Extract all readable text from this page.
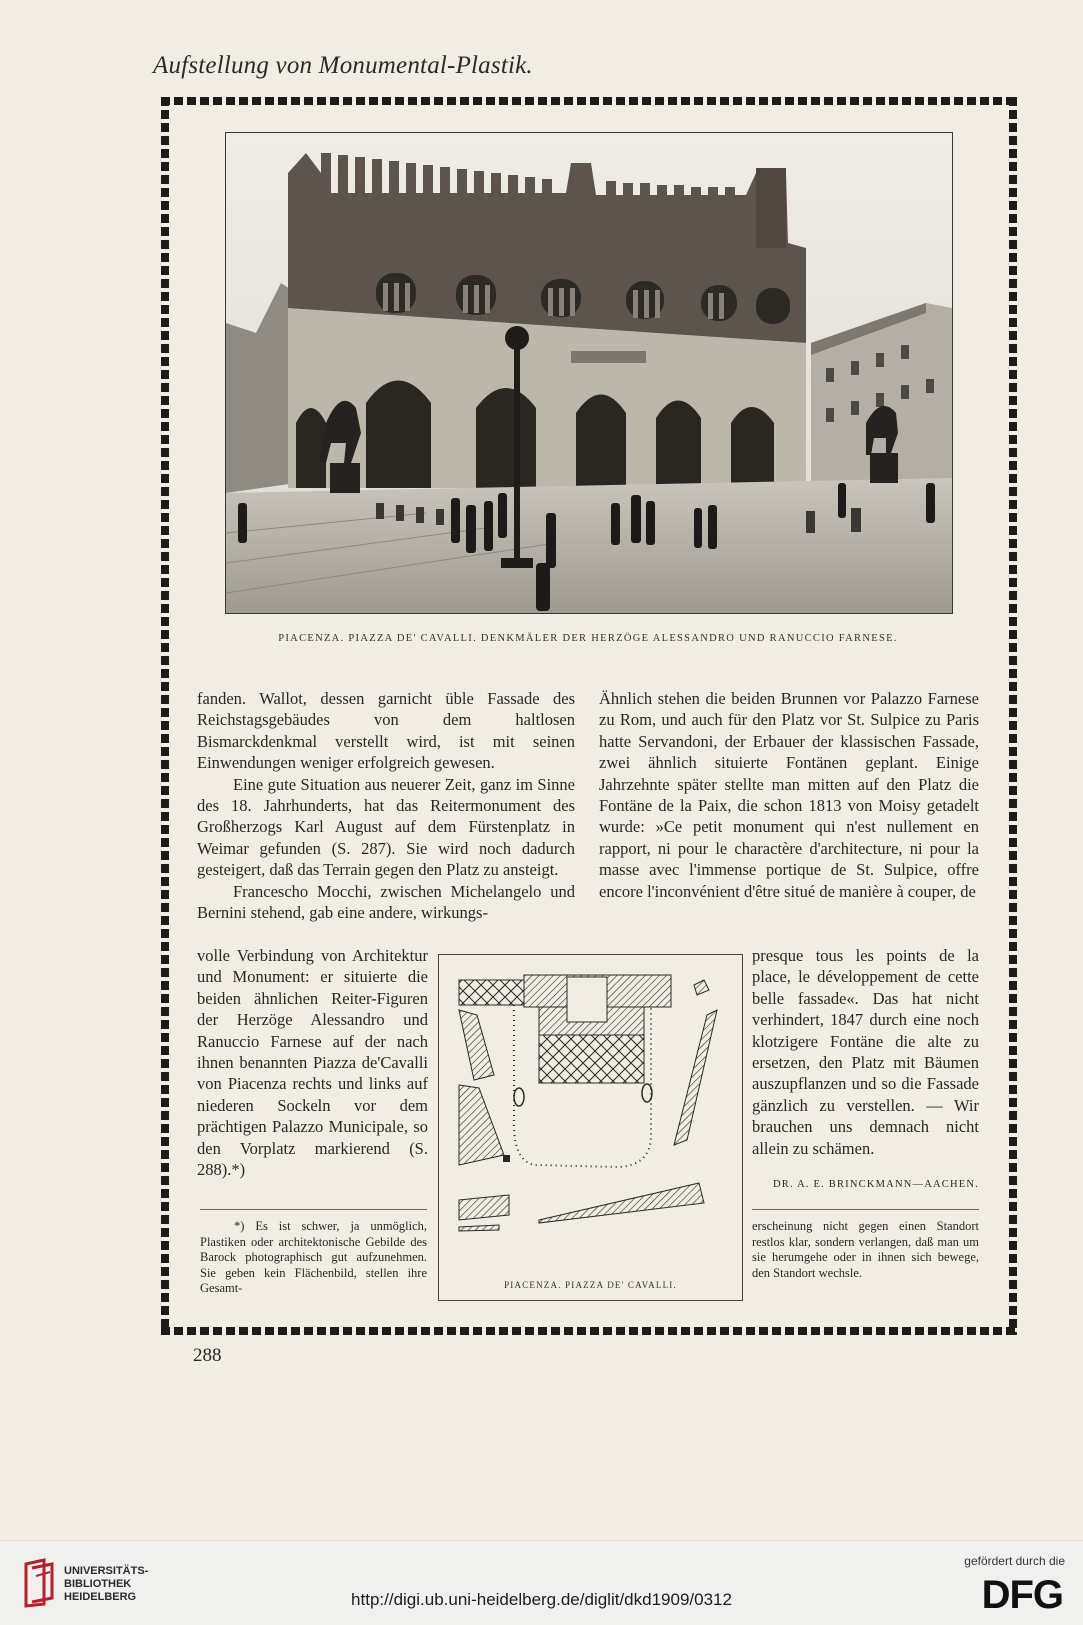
Aufstellung von Monumental-Plastik.
PIACENZA. PIAZZA DE' CAVALLI. DENKMÄLER DER HERZÖGE ALESSANDRO UND RANUCCIO FARNESE.

fanden. Wallot, dessen garnicht üble Fassade des Reichstagsgebäudes von dem haltlosen Bismarckdenkmal verstellt wird, ist mit seinen Einwendungen weniger erfolgreich gewesen.

Eine gute Situation aus neuerer Zeit, ganz im Sinne des 18. Jahrhunderts, hat das Reitermonument des Großherzogs Karl August auf dem Fürstenplatz in Weimar gefunden (S. 287). Sie wird noch dadurch gesteigert, daß das Terrain gegen den Platz zu ansteigt.

Francescho Mocchi, zwischen Michelangelo und Bernini stehend, gab eine andere, wirkungs-

volle Verbindung von Architektur und Monument: er situierte die beiden ähnlichen Reiter-Figuren der Herzöge Alessandro und Ranuccio Farnese auf der nach ihnen benannten Piazza de'Cavalli von Piacenza rechts und links auf niederen Sockeln vor dem prächtigen Palazzo Municipale, so den Vorplatz markierend (S. 288).*)

Ähnlich stehen die beiden Brunnen vor Palazzo Farnese zu Rom, und auch für den Platz vor St. Sulpice zu Paris hatte Servandoni, der Erbauer der klassischen Fassade, zwei ähnlich situierte Fontänen geplant. Einige Jahrzehnte später stellte man mitten auf den Platz die Fontäne de la Paix, die schon 1813 von Moisy getadelt wurde: »Ce petit monument qui n'est nullement en rapport, ni pour le charactère d'architecture, ni pour la masse avec l'immense portique de St. Sulpice, offre encore l'inconvénient d'être situé de manière à couper, de

presque tous les points de la place, le développement de cette belle fassade«. Das hat nicht verhindert, 1847 durch eine noch klotzigere Fontäne die alte zu ersetzen, den Platz mit Bäumen auszupflanzen und so die Fassade gänzlich zu verstellen. — Wir brauchen uns demnach nicht allein zu schämen.

DR. A. E. BRINCKMANN—AACHEN.
PIACENZA. PIAZZA DE' CAVALLI.

*) Es ist schwer, ja unmöglich, Plastiken oder architektonische Gebilde des Barock photographisch gut aufzunehmen. Sie geben kein Flächenbild, stellen ihre Gesamt-

erscheinung nicht gegen einen Standort restlos klar, sondern verlangen, daß man um sie herumgehe oder in ihnen sich bewege, den Standort wechsle.

288
UNIVERSITÄTS-
BIBLIOTHEK
HEIDELBERG	http://digi.ub.uni-heidelberg.de/diglit/dkd1909/0312
gefördert durch die
DFG
